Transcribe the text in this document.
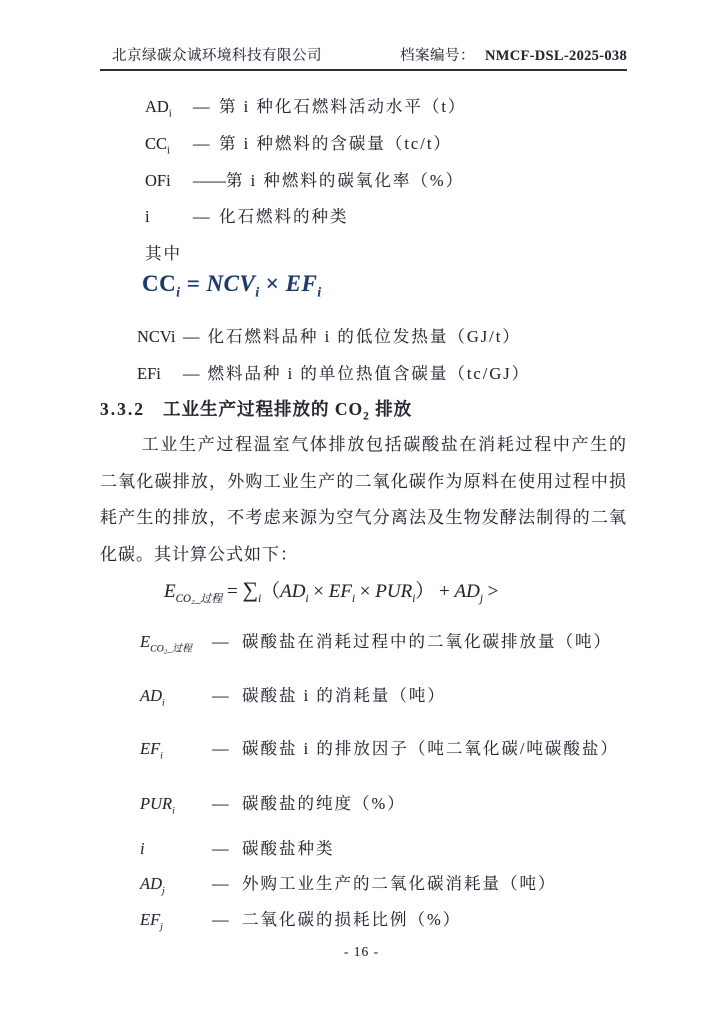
北京绿碳众诚环境科技有限公司	档案编号： NMCF-DSL-2025-038
$AD_i$	— 第 i 种化石燃料活动水平（t）
$CC_i$	— 第 i 种燃料的含碳量（tc/t）
OFi	—— 第 i 种燃料的碳氧化率（%）
i	— 化石燃料的种类
其中
$CC_i = NCV_i \times EF_i$
NCVi — 化石燃料品种 i 的低位发热量（GJ/t）
EFi	— 燃料品种 i 的单位热值含碳量（tc/GJ）
3.3.2 工业生产过程排放的 $CO_2$ 排放
工业生产过程温室气体排放包括碳酸盐在消耗过程中产生的二氧化碳排放，外购工业生产的二氧化碳作为原料在使用过程中损耗产生的排放，不考虑来源为空气分离法及生物发酵法制得的二氧化碳。其计算公式如下：
$E_{CO_2\_过程} = \sum_i(AD_i \times EF_i \times PUR_i) + AD_j$ >
$E_{CO_2\_过程}$	— 碳酸盐在消耗过程中的二氧化碳排放量（吨）
$AD_i$	— 碳酸盐 i 的消耗量（吨）
$EF_i$	— 碳酸盐 i 的排放因子（吨二氧化碳/吨碳酸盐）
$PUR_i$	— 碳酸盐的纯度（%）
i	— 碳酸盐种类
$AD_j$	— 外购工业生产的二氧化碳消耗量（吨）
$EF_j$	— 二氧化碳的损耗比例（%）
- 16 -
